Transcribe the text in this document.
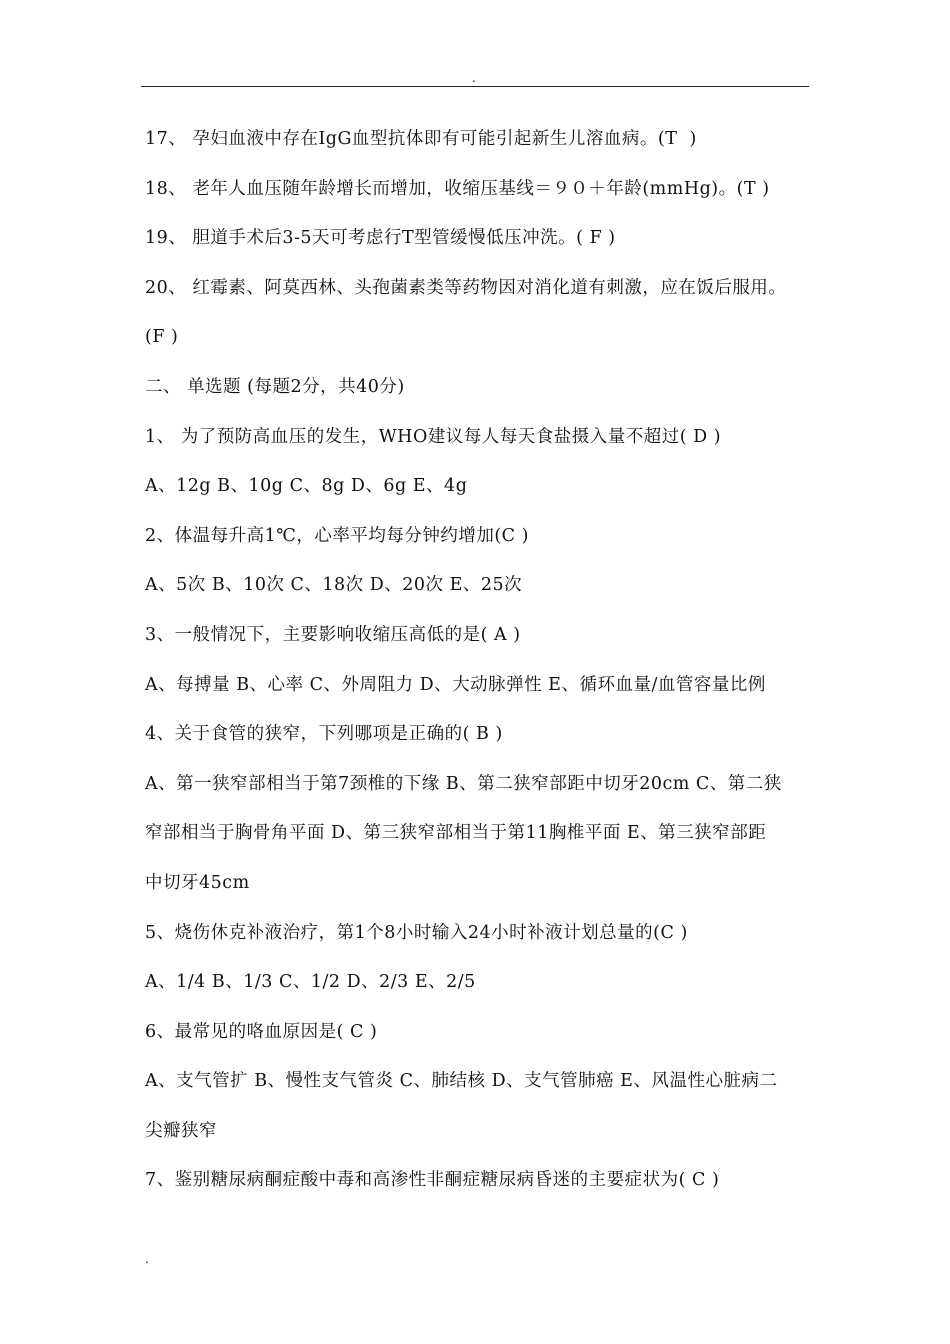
.
17、 孕妇血液中存在IgG血型抗体即有可能引起新生儿溶血病。(T  )
18、 老年人血压随年龄增长而增加，收缩压基线＝９０＋年龄(mmHg)。(T )
19、 胆道手术后3-5天可考虑行T型管缓慢低压冲洗。( F )
20、 红霉素、阿莫西林、头孢菌素类等药物因对消化道有刺激，应在饭后服用。
(F )
二、 单选题 (每题2分，共40分)
1、 为了预防高血压的发生，WHO建议每人每天食盐摄入量不超过( D )
A、12g B、10g C、8g D、6g E、4g
2、体温每升高1℃，心率平均每分钟约增加(C )
A、5次 B、10次 C、18次 D、20次 E、25次
3、一般情况下，主要影响收缩压高低的是( A )
A、每搏量 B、心率 C、外周阻力 D、大动脉弹性 E、循环血量/血管容量比例
4、关于食管的狭窄，下列哪项是正确的( B )
A、第一狭窄部相当于第7颈椎的下缘 B、第二狭窄部距中切牙20cm C、第二狭
窄部相当于胸骨角平面 D、第三狭窄部相当于第11胸椎平面 E、第三狭窄部距
中切牙45cm
5、烧伤休克补液治疗，第1个8小时输入24小时补液计划总量的(C )
A、1/4 B、1/3 C、1/2 D、2/3 E、2/5
6、最常见的咯血原因是( C )
A、支气管扩 B、慢性支气管炎 C、肺结核 D、支气管肺癌 E、风温性心脏病二
尖瓣狭窄
7、鉴别糖尿病酮症酸中毒和高渗性非酮症糖尿病昏迷的主要症状为( C )
.
